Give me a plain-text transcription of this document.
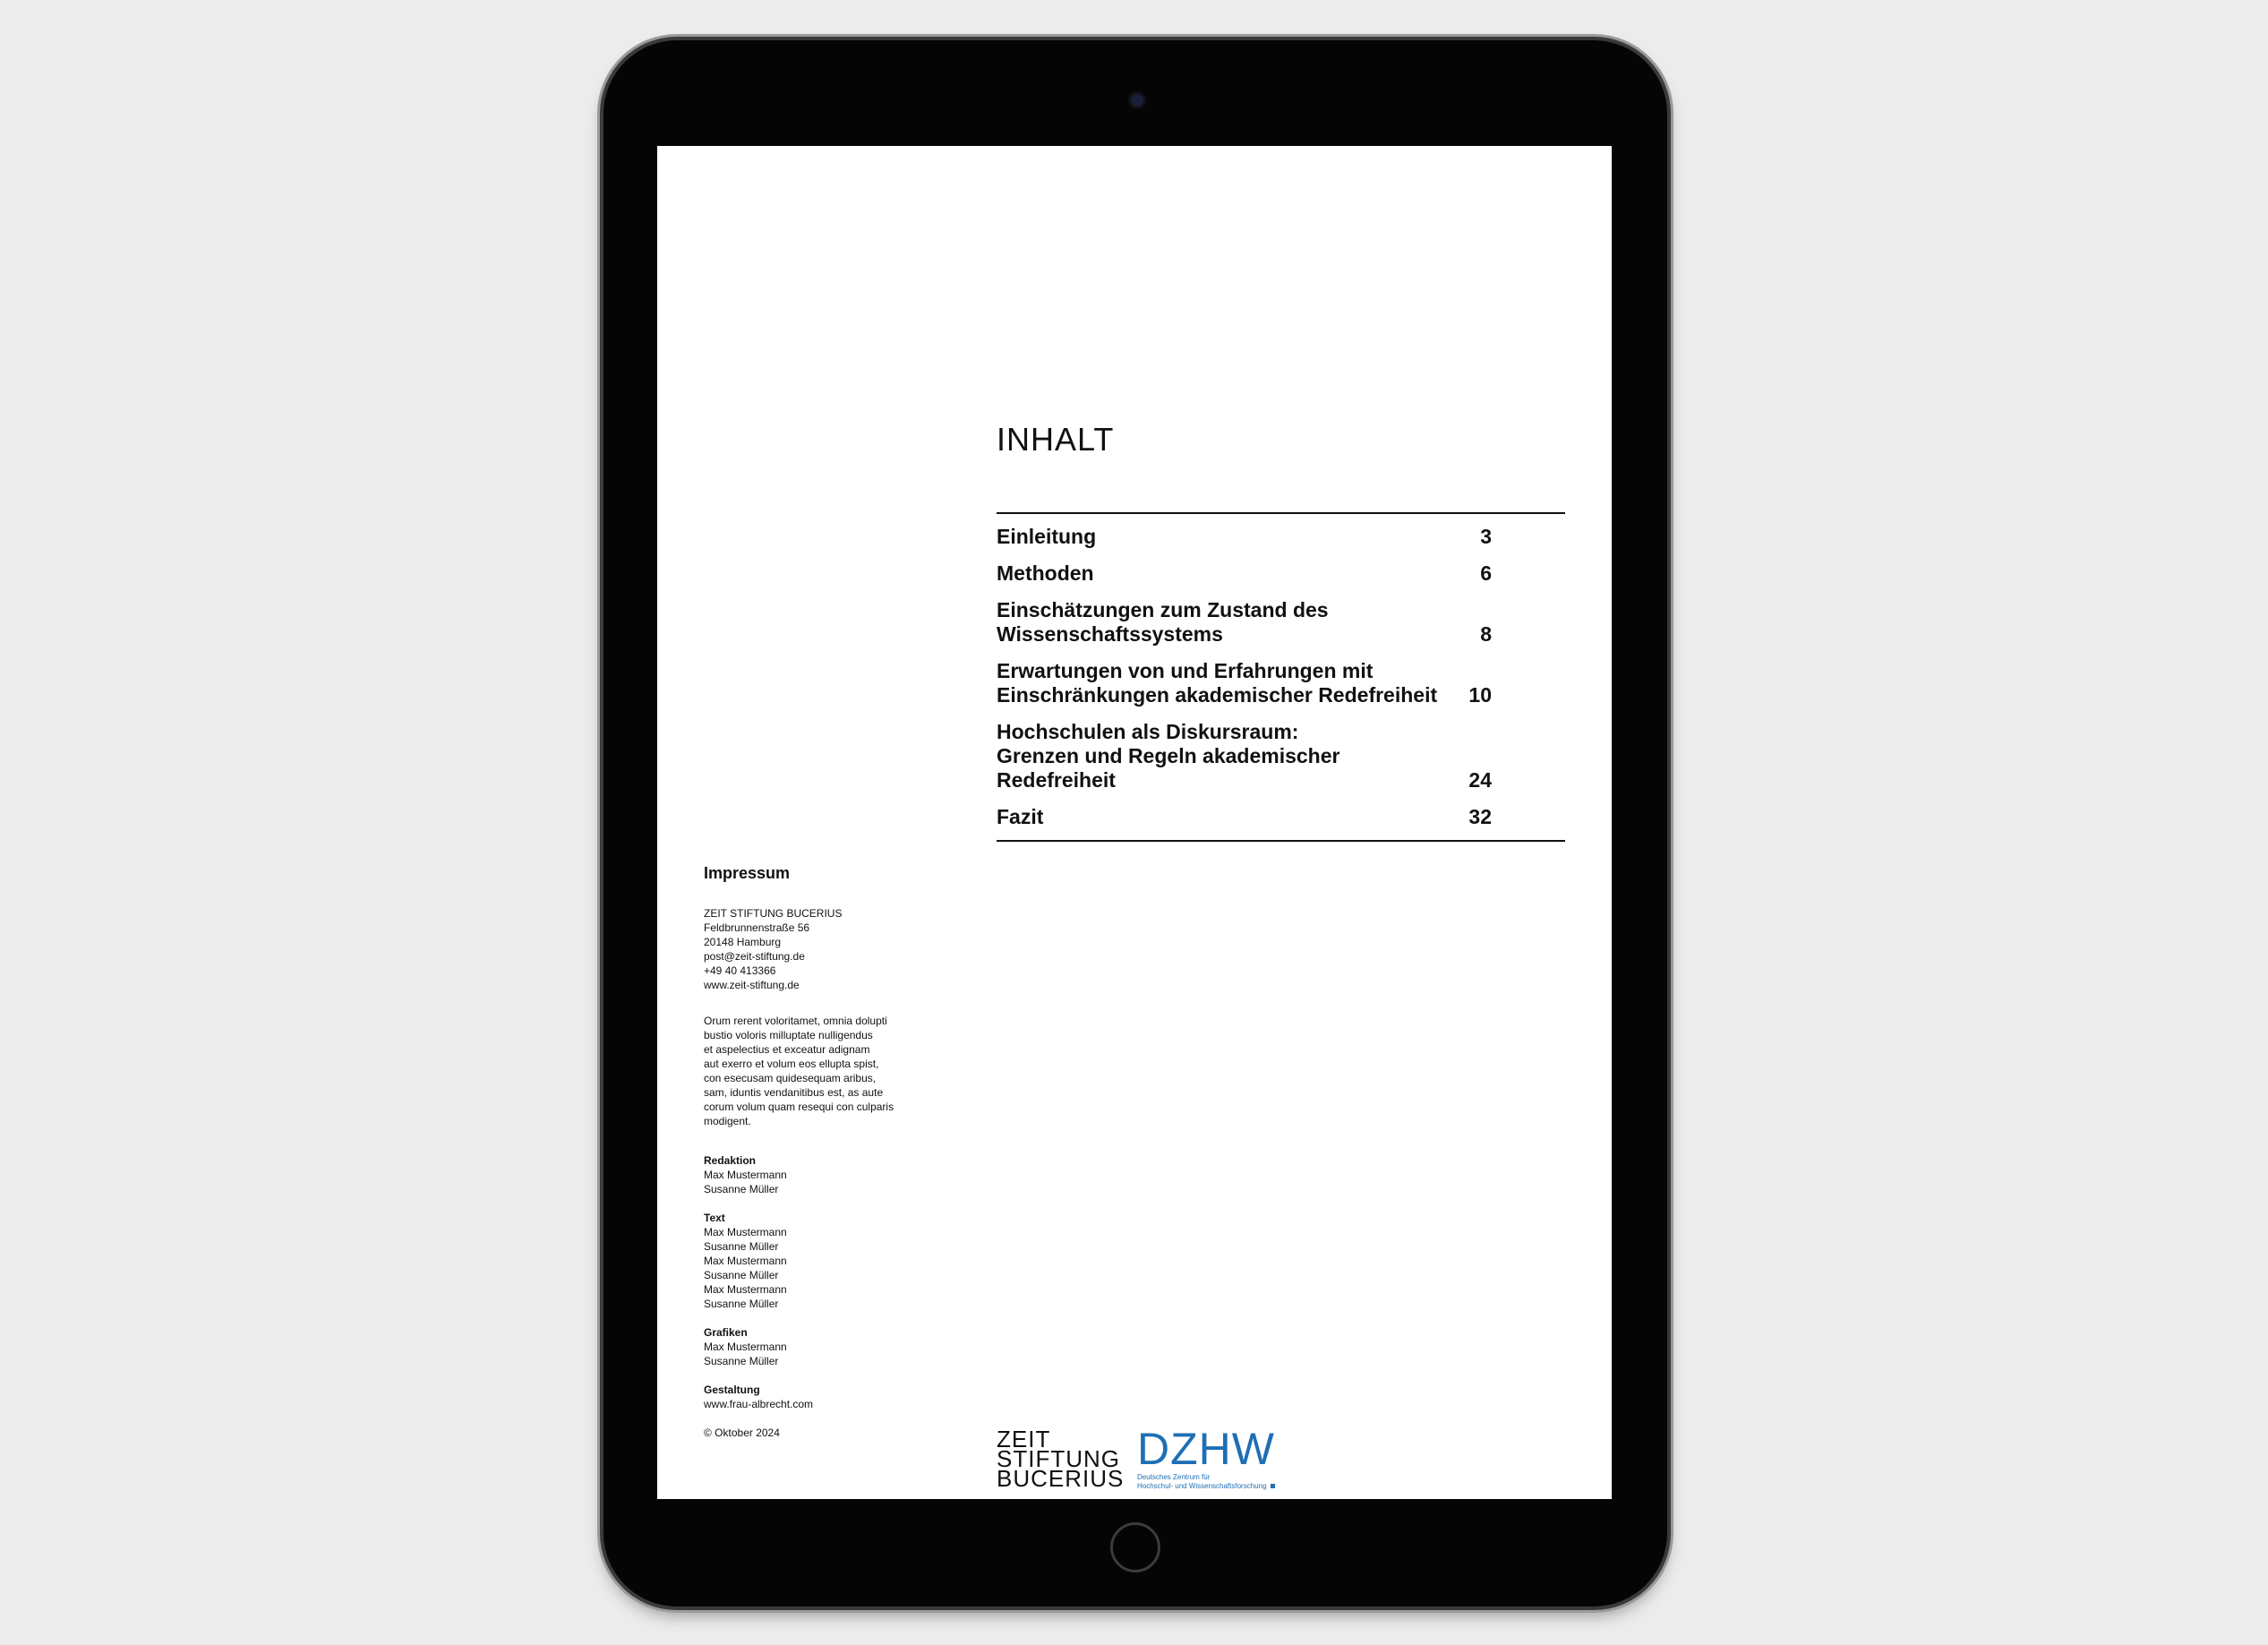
INHALT
Einleitung	3
Methoden	6
Einschätzungen zum Zustand des
Wissenschaftssystems	8
Erwartungen von und Erfahrungen mit
Einschränkungen akademischer Redefreiheit	10
Hochschulen als Diskursraum:
Grenzen und Regeln akademischer
Redefreiheit	24
Fazit	32
Impressum
ZEIT STIFTUNG BUCERIUS
Feldbrunnenstraße 56
20148 Hamburg
post@zeit-stiftung.de
+49 40 413366
www.zeit-stiftung.de
Orum rerent voloritamet, omnia dolupti
bustio voloris milluptate nulligendus
et aspelectius et exceatur adignam
aut exerro et volum eos ellupta spist,
con esecusam quidesequam aribus,
sam, iduntis vendanitibus est, as aute
corum volum quam resequi con culparis
modigent.
Redaktion
Max Mustermann
Susanne Müller
Text
Max Mustermann
Susanne Müller
Max Mustermann
Susanne Müller
Max Mustermann
Susanne Müller
Grafiken
Max Mustermann
Susanne Müller
Gestaltung
www.frau-albrecht.com
© Oktober 2024	ZEIT
STIFTUNG
BUCERIUS
DZHW
Deutsches Zentrum für
Hochschul- und Wissenschaftsforschung
